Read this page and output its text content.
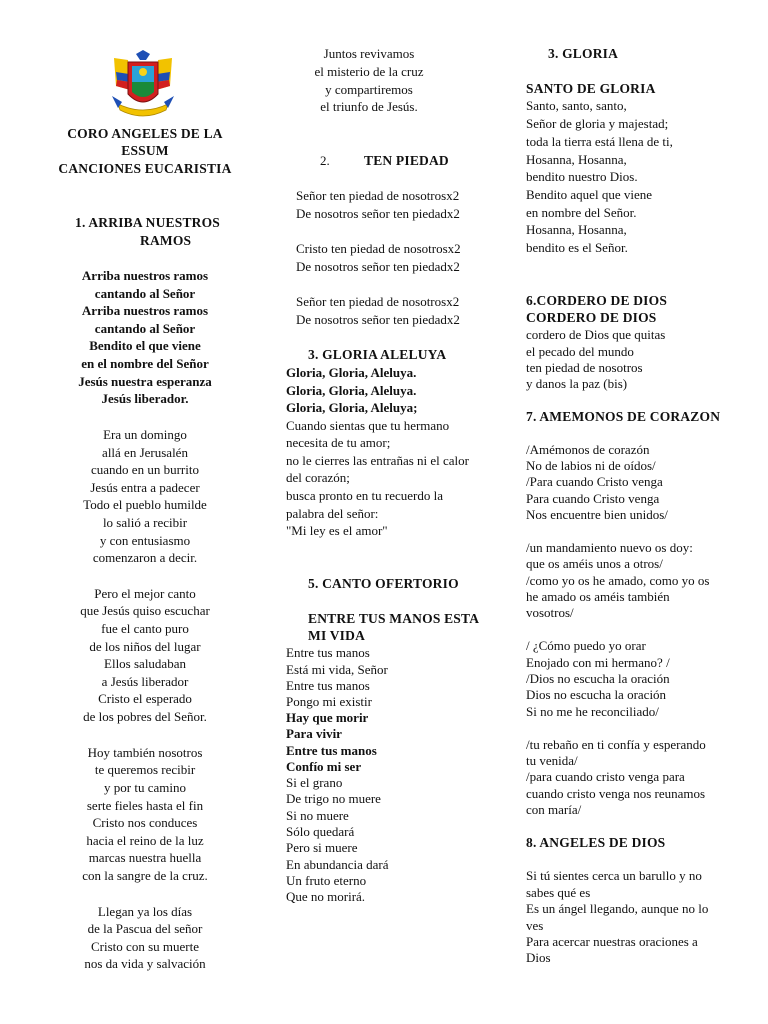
CORO ANGELES DE LA
ESSUM
CANCIONES EUCARISTIA
1. ARRIBA NUESTROS
RAMOS
Arriba nuestros ramos
cantando al Señor
Arriba nuestros ramos
cantando al Señor
Bendito el que viene
en el nombre del Señor
Jesús nuestra esperanza
Jesús liberador.
Era un domingo
allá en Jerusalén
cuando en un burrito
Jesús entra a padecer
Todo el pueblo humilde
lo salió a recibir
y con entusiasmo
comenzaron a decir.
Pero el mejor canto
que Jesús quiso escuchar
fue el canto puro
de los niños del lugar
Ellos saludaban
a Jesús liberador
Cristo el esperado
de los pobres del Señor.
Hoy también nosotros
te queremos recibir
y por tu camino
serte fieles hasta el fin
Cristo nos conduces
hacia el reino de la luz
marcas nuestra huella
con la sangre de la cruz.
Llegan ya los días
de la Pascua del señor
Cristo con su muerte
nos da vida y salvación
Juntos revivamos
el misterio de la cruz
y compartiremos
el triunfo de Jesús.
2.	TEN PIEDAD
Señor ten piedad de nosotrosx2
De nosotros señor ten piedadx2
Cristo ten piedad de nosotrosx2
De nosotros señor ten piedadx2
Señor ten piedad de nosotrosx2
De nosotros señor ten piedadx2
3. GLORIA ALELUYA
Gloria, Gloria, Aleluya.
Gloria, Gloria, Aleluya.
Gloria, Gloria, Aleluya;
Cuando sientas que tu hermano
necesita de tu amor;
no le cierres las entrañas ni el calor
del corazón;
busca pronto en tu recuerdo la
palabra del señor:
"Mi ley es el amor"
5. CANTO OFERTORIO
ENTRE TUS MANOS ESTA
MI VIDA
Entre tus manos
Está mi vida, Señor
Entre tus manos
Pongo mi existir
Hay que morir
Para vivir
Entre tus manos
Confío mi ser
Si el grano
De trigo no muere
Si no muere
Sólo quedará
Pero si muere
En abundancia dará
Un fruto eterno
Que no morirá.
3. GLORIA
SANTO DE GLORIA
Santo, santo, santo,
Señor de gloria y majestad;
toda la tierra está llena de ti,
Hosanna, Hosanna,
bendito nuestro Dios.
Bendito aquel que viene
en nombre del Señor.
Hosanna, Hosanna,
bendito es el Señor.
6.CORDERO DE DIOS
CORDERO DE DIOS
cordero de Dios que quitas
el pecado del mundo
ten piedad de nosotros
y danos la paz (bis)
7. AMEMONOS DE CORAZON
/Amémonos de corazón
No de labios ni de oídos/
/Para cuando Cristo venga
Para cuando Cristo venga
Nos encuentre bien unidos/
/un mandamiento nuevo os doy:
que os améis unos a otros/
/como yo os he amado, como yo os
he amado os améis también
vosotros/
/ ¿Cómo puedo yo orar
Enojado con mi hermano? /
/Dios no escucha la oración
Dios no escucha la oración
Si no me he reconciliado/
/tu rebaño en ti confía y esperando
tu venida/
/para cuando cristo venga para
cuando cristo venga nos reunamos
con maría/
8. ANGELES DE DIOS
Si tú sientes cerca un barullo y no
sabes qué es
Es un ángel llegando, aunque no lo
ves
Para acercar nuestras oraciones a
Dios
